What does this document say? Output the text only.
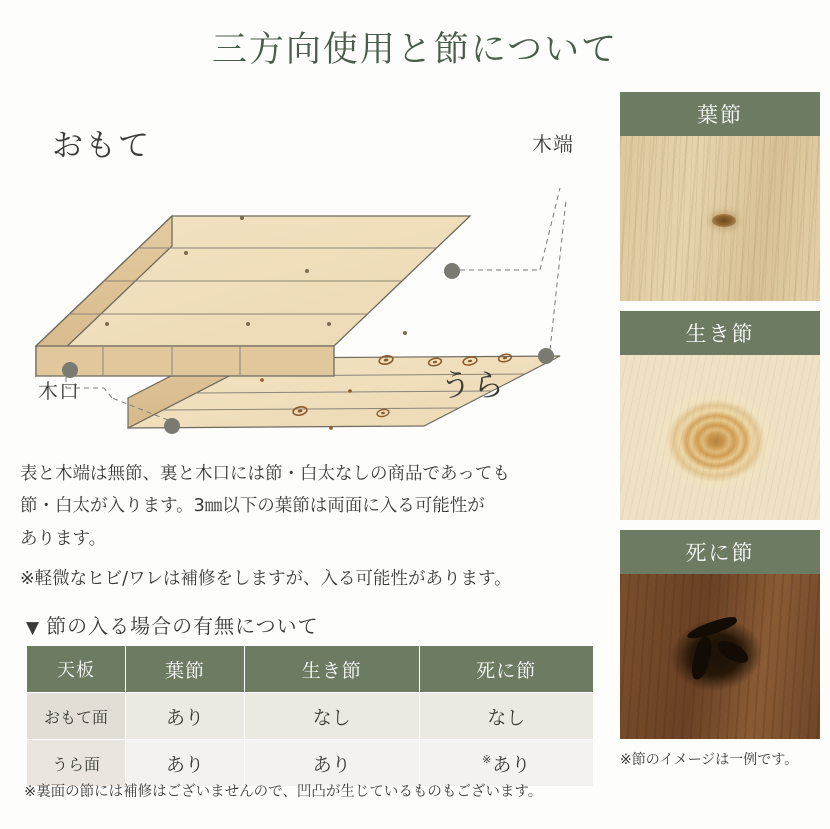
三方向使用と節について
おもて
うら
木端
木口

表と木端は無節、裏と木口には節・白太なしの商品であっても

節・白太が入ります。3㎜以下の葉節は両面に入る可能性が

あります。

※軽微なヒビ/ワレは補修をしますが、入る可能性があります。

▼ 節の入る場合の有無について
天板	葉節	生き節	死に節
おもて面	あり	なし	なし
うら面	あり	あり	※あり
※裏面の節には補修はございませんので、凹凸が生じているものもございます。
葉節
生き節
死に節
※節のイメージは一例です。
